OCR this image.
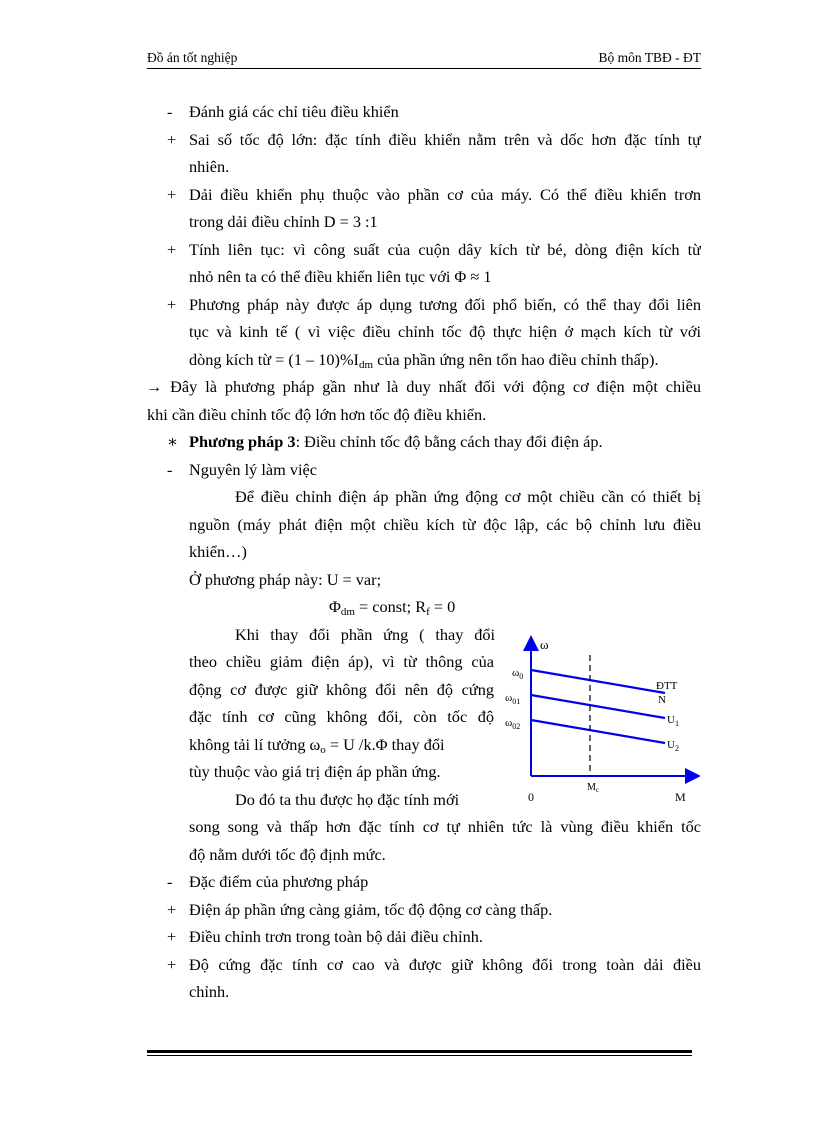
Đồ án tốt nghiệp	Bộ môn TBĐ - ĐT
-	Đánh giá các chỉ tiêu điều khiển
+ Sai số tốc độ lớn: đặc tính điều khiển nằm trên và dốc hơn đặc tính tự
nhiên.
+ Dải điều khiển phụ thuộc vào phần cơ của máy. Có thể điều khiển trơn
trong dải điều chỉnh D = 3 :1
+ Tính liên tục: vì công suất của cuộn dây kích từ bé, dòng điện kích từ
nhỏ nên ta có thể điều khiển liên tục với Φ ≈ 1
+ Phương pháp này được áp dụng tương đối phổ biến, có thể thay đổi liên
tục và kinh tế ( vì việc điều chỉnh tốc độ thực hiện ở mạch kích từ với
dòng kích từ = $(1 - 10)\%I_{dm}$ của phần ứng nên tổn hao điều chỉnh thấp).
→ Đây là phương pháp gần như là duy nhất đối với động cơ điện một chiều
khi cần điều chỉnh tốc độ lớn hơn tốc độ điều khiển.
∗ Phương pháp 3: Điều chỉnh tốc độ bằng cách thay đổi điện áp.
-	Nguyên lý làm việc
Để điều chỉnh điện áp phần ứng động cơ một chiều cần có thiết bị
nguồn (máy phát điện một chiều kích từ độc lập, các bộ chỉnh lưu điều
khiển…)
Ở phương pháp này: U = var;
$\Phi_{dm}$ = const; $R_f = 0$
Khi thay đổi phần ứng ( thay đổi
theo chiều giảm điện áp), vì từ thông của
động cơ được giữ không đổi nên độ cứng
đặc tính cơ cũng không đổi, còn tốc độ
không tải lí tưởng $\omega_o = U$ /k.Φ thay đổi
tùy thuộc vào giá trị điện áp phần ứng.
Do đó ta thu được họ đặc tính mới
song song và thấp hơn đặc tính cơ tự nhiên tức là vùng điều khiển tốc
độ nằm dưới tốc độ định mức.
-	Đặc điểm của phương pháp
+ Điện áp phần ứng càng giảm, tốc độ động cơ càng thấp.
+ Điều chỉnh trơn trong toàn bộ dải điều chỉnh.
+ Độ cứng đặc tính cơ cao và được giữ không đổi trong toàn dải điều
chỉnh.
ω
M
0
$\omega_0$
$\omega_{01}$
$\omega_{02}$
ĐTT
N
$U_1$
$U_2$
$M_c$
